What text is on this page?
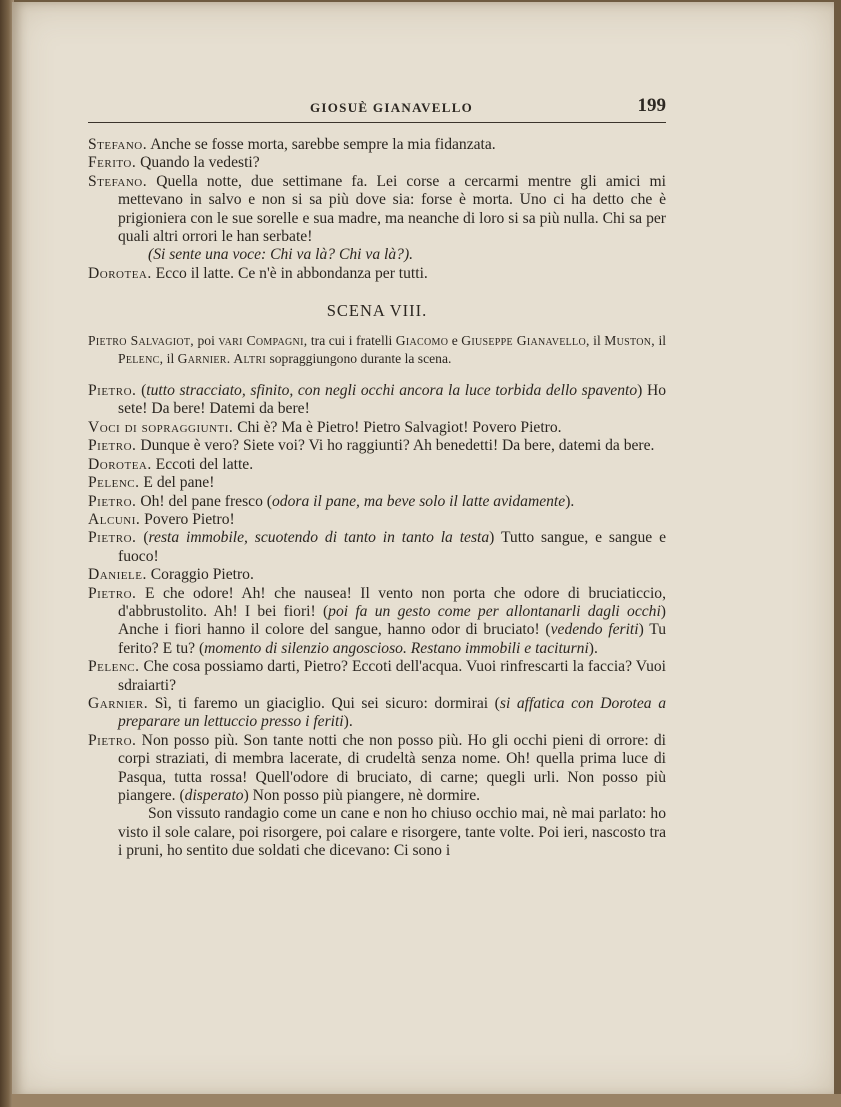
GIOSUÈ GIANAVELLO	199

Stefano. Anche se fosse morta, sarebbe sempre la mia fidanzata.

Ferito. Quando la vedesti?

Stefano. Quella notte, due settimane fa. Lei corse a cercarmi mentre gli amici mi mettevano in salvo e non si sa più dove sia: forse è morta. Uno ci ha detto che è prigioniera con le sue sorelle e sua madre, ma neanche di loro si sa più nulla. Chi sa per quali altri orrori le han serbate!

(Si sente una voce: Chi va là? Chi va là?).

Dorotea. Ecco il latte. Ce n'è in abbondanza per tutti.

SCENA VIII.

Pietro Salvagiot, poi vari Compagni, tra cui i fratelli Giacomo e Giuseppe Gianavello, il Muston, il Pelenc, il Garnier. Altri sopraggiungono durante la scena.

Pietro. (tutto stracciato, sfinito, con negli occhi ancora la luce torbida dello spavento) Ho sete! Da bere! Datemi da bere!

Voci di sopraggiunti. Chi è? Ma è Pietro! Pietro Salvagiot! Povero Pietro.

Pietro. Dunque è vero? Siete voi? Vi ho raggiunti? Ah benedetti! Da bere, datemi da bere.

Dorotea. Eccoti del latte.

Pelenc. E del pane!

Pietro. Oh! del pane fresco (odora il pane, ma beve solo il latte avidamente).

Alcuni. Povero Pietro!

Pietro. (resta immobile, scuotendo di tanto in tanto la testa) Tutto sangue, e sangue e fuoco!

Daniele. Coraggio Pietro.

Pietro. E che odore! Ah! che nausea! Il vento non porta che odore di bruciaticcio, d'abbrustolito. Ah! I bei fiori! (poi fa un gesto come per allontanarli dagli occhi) Anche i fiori hanno il colore del sangue, hanno odor di bruciato! (vedendo feriti) Tu ferito? E tu? (momento di silenzio angoscioso. Restano immobili e taciturni).

Pelenc. Che cosa possiamo darti, Pietro? Eccoti dell'acqua. Vuoi rinfrescarti la faccia? Vuoi sdraiarti?

Garnier. Sì, ti faremo un giaciglio. Qui sei sicuro: dormirai (si affatica con Dorotea a preparare un lettuccio presso i feriti).

Pietro. Non posso più. Son tante notti che non posso più. Ho gli occhi pieni di orrore: di corpi straziati, di membra lacerate, di crudeltà senza nome. Oh! quella prima luce di Pasqua, tutta rossa! Quell'odore di bruciato, di carne; quegli urli. Non posso più piangere. (disperato) Non posso più piangere, nè dormire.

Son vissuto randagio come un cane e non ho chiuso occhio mai, nè mai parlato: ho visto il sole calare, poi risorgere, poi calare e risorgere, tante volte. Poi ieri, nascosto tra i pruni, ho sentito due soldati che dicevano: Ci sono i
